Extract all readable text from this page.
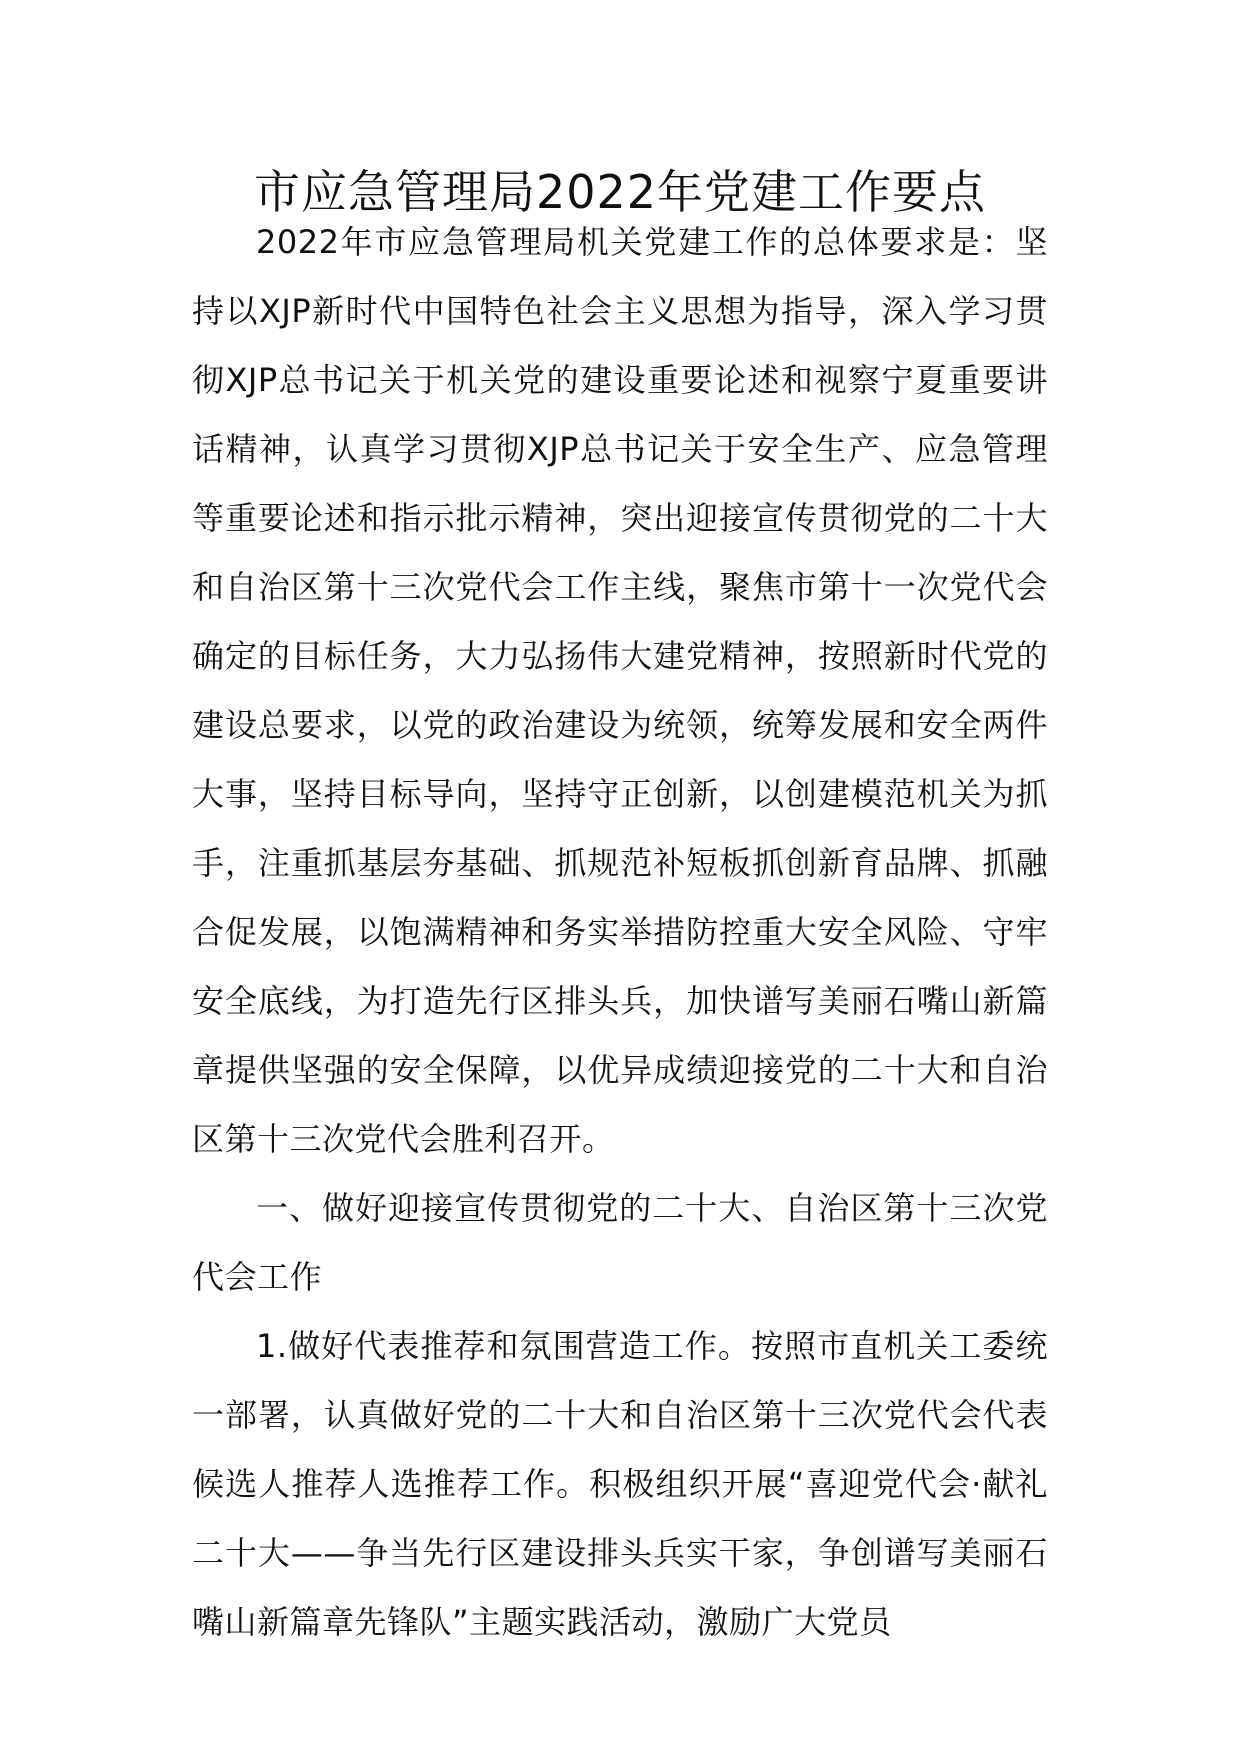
市应急管理局2022年党建工作要点

2022年市应急管理局机关党建工作的总体要求是：坚持以XJP新时代中国特色社会主义思想为指导，深入学习贯彻XJP总书记关于机关党的建设重要论述和视察宁夏重要讲话精神，认真学习贯彻XJP总书记关于安全生产、应急管理等重要论述和指示批示精神，突出迎接宣传贯彻党的二十大和自治区第十三次党代会工作主线，聚焦市第十一次党代会确定的目标任务，大力弘扬伟大建党精神，按照新时代党的建设总要求，以党的政治建设为统领，统筹发展和安全两件大事，坚持目标导向，坚持守正创新，以创建模范机关为抓手，注重抓基层夯基础、抓规范补短板抓创新育品牌、抓融合促发展，以饱满精神和务实举措防控重大安全风险、守牢安全底线，为打造先行区排头兵，加快谱写美丽石嘴山新篇章提供坚强的安全保障，以优异成绩迎接党的二十大和自治区第十三次党代会胜利召开。

一、做好迎接宣传贯彻党的二十大、自治区第十三次党代会工作

1.做好代表推荐和氛围营造工作。按照市直机关工委统一部署，认真做好党的二十大和自治区第十三次党代会代表候选人推荐人选推荐工作。积极组织开展“喜迎党代会·献礼二十大——争当先行区建设排头兵实干家，争创谱写美丽石嘴山新篇章先锋队”主题实践活动，激励广大党员
